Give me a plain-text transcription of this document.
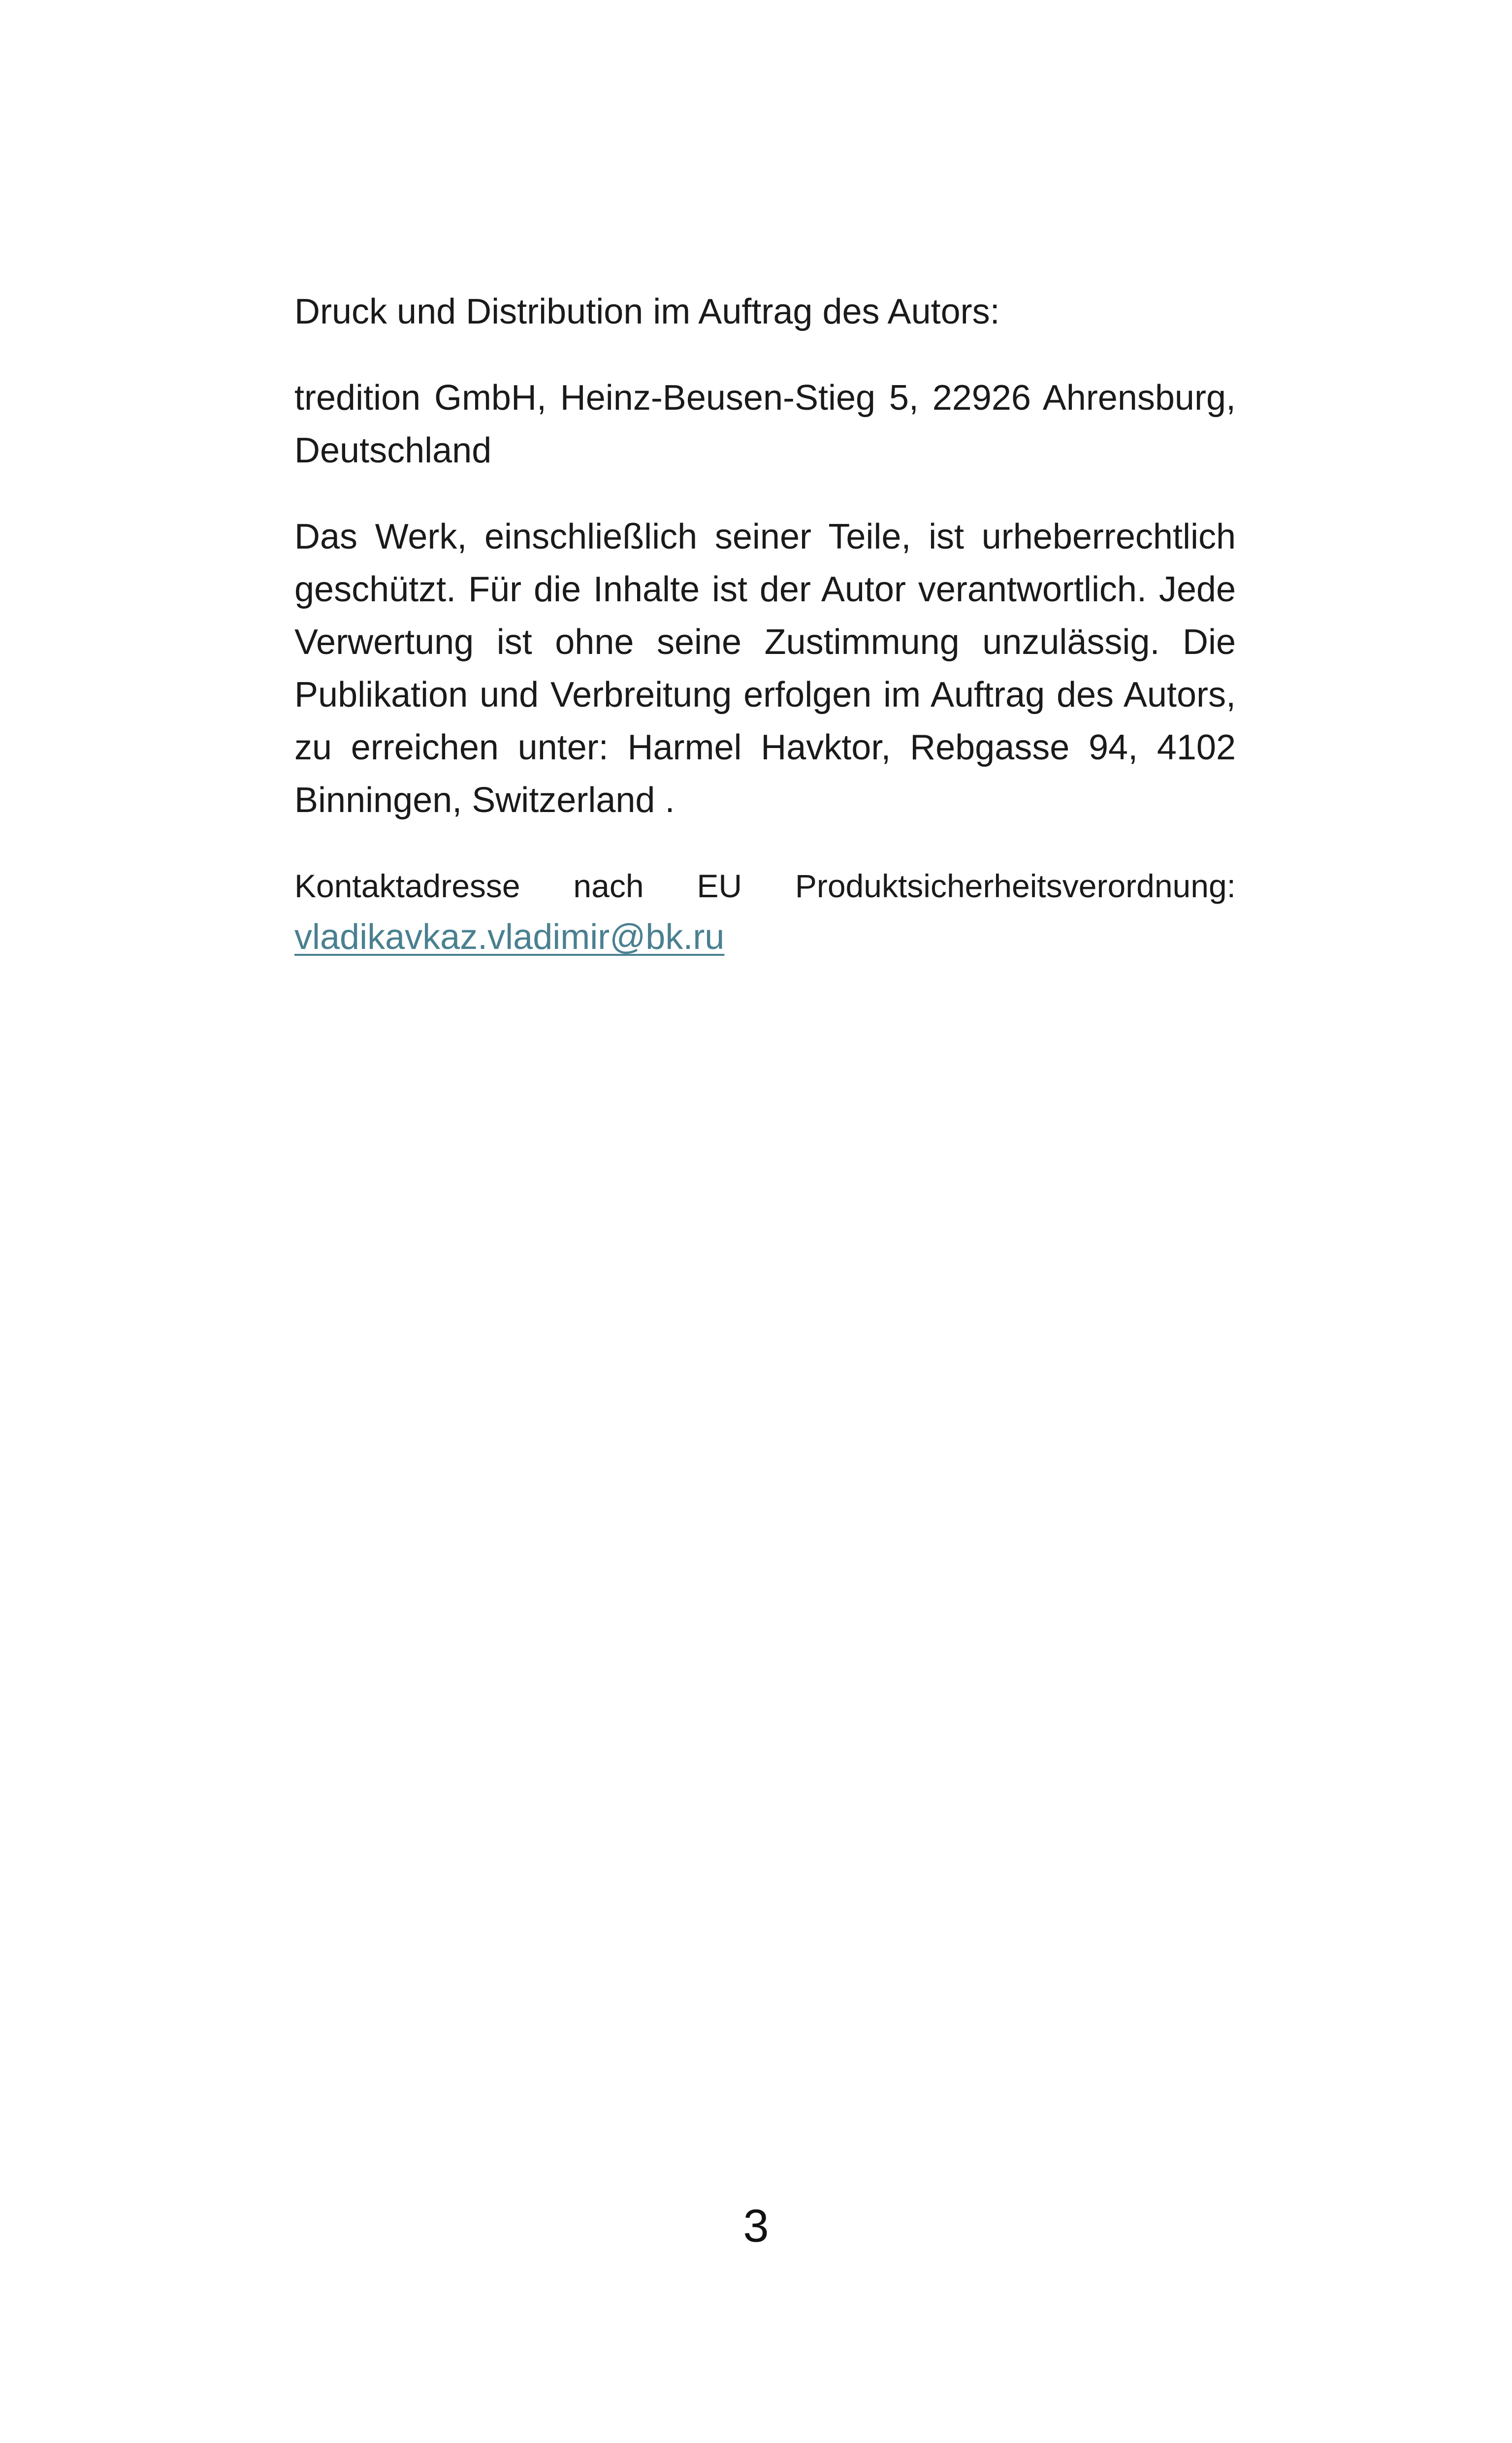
Druck und Distribution im Auftrag des Autors:

tredition GmbH, Heinz-Beusen-Stieg 5, 22926 Ahrensburg, Deutschland

Das Werk, einschließlich seiner Teile, ist urheberrechtlich geschützt. Für die Inhalte ist der Autor verantwortlich. Jede Verwertung ist ohne seine Zustimmung unzulässig. Die Publikation und Verbreitung erfolgen im Auftrag des Autors, zu erreichen unter: Harmel Havktor, Rebgasse 94, 4102 Binningen, Switzerland .

Kontaktadresse nach EU Produktsicherheitsverordnung:
vladikavkaz.vladimir@bk.ru
3
